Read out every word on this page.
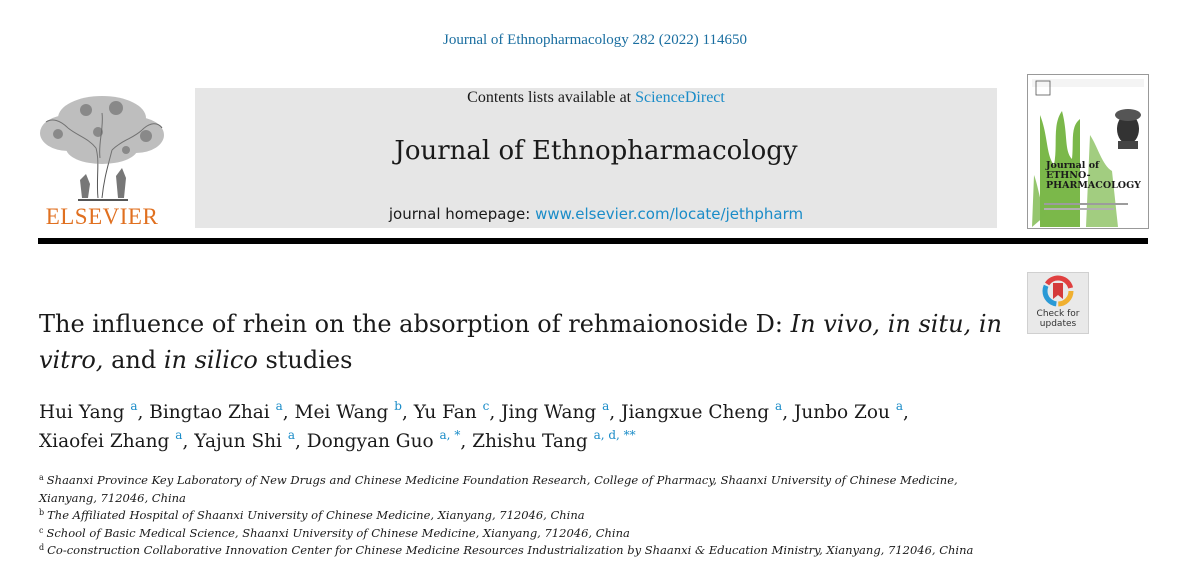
Journal of Ethnopharmacology 282 (2022) 114650
ELSEVIER
Contents lists available at ScienceDirect
Journal of Ethnopharmacology
journal homepage: www.elsevier.com/locate/jethpharm
Journal of
ETHNO-
PHARMACOLOGY
Check for
updates
The influence of rhein on the absorption of rehmaionoside D: In vivo, in situ, in vitro, and in silico studies
Hui Yang $^a$, Bingtao Zhai $^a$, Mei Wang $^b$, Yu Fan $^c$, Jing Wang $^a$, Jiangxue Cheng $^a$, Junbo Zou $^a$,
Xiaofei Zhang $^a$, Yajun Shi $^a$, Dongyan Guo $^{a, *}$, Zhishu Tang $^{a, d, **}$

$^a$ Shaanxi Province Key Laboratory of New Drugs and Chinese Medicine Foundation Research, College of Pharmacy, Shaanxi University of Chinese Medicine, Xianyang, 712046, China

$^b$ The Affiliated Hospital of Shaanxi University of Chinese Medicine, Xianyang, 712046, China

$^c$ School of Basic Medical Science, Shaanxi University of Chinese Medicine, Xianyang, 712046, China

$^d$ Co-construction Collaborative Innovation Center for Chinese Medicine Resources Industrialization by Shaanxi & Education Ministry, Xianyang, 712046, China
